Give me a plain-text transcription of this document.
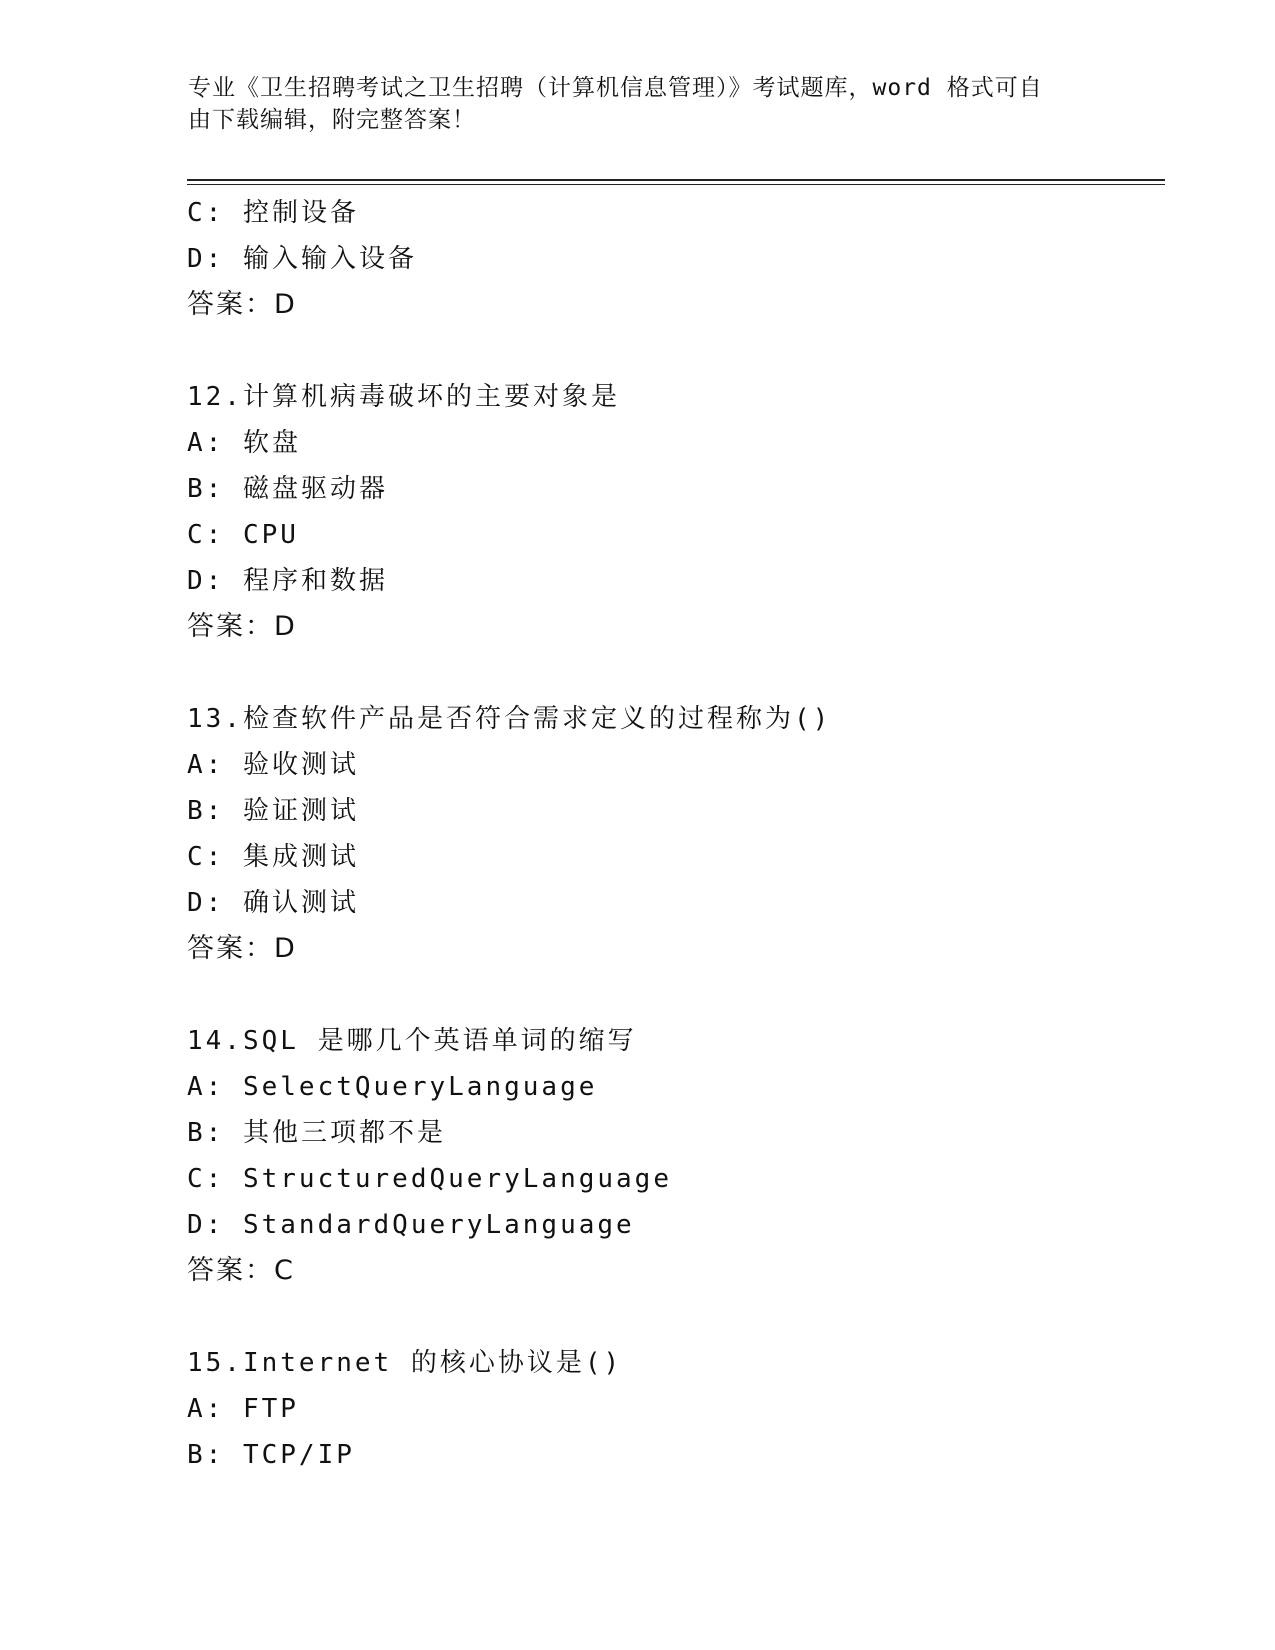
专业《卫生招聘考试之卫生招聘（计算机信息管理）》考试题库，word 格式可自
由下载编辑，附完整答案！
C: 控制设备
D: 输入输入设备
答案：D
12.计算机病毒破坏的主要对象是
A: 软盘
B: 磁盘驱动器
C: CPU
D: 程序和数据
答案：D
13.检查软件产品是否符合需求定义的过程称为()
A: 验收测试
B: 验证测试
C: 集成测试
D: 确认测试
答案：D
14.SQL 是哪几个英语单词的缩写
A: SelectQueryLanguage
B: 其他三项都不是
C: StructuredQueryLanguage
D: StandardQueryLanguage
答案：C
15.Internet 的核心协议是()
A: FTP
B: TCP/IP
